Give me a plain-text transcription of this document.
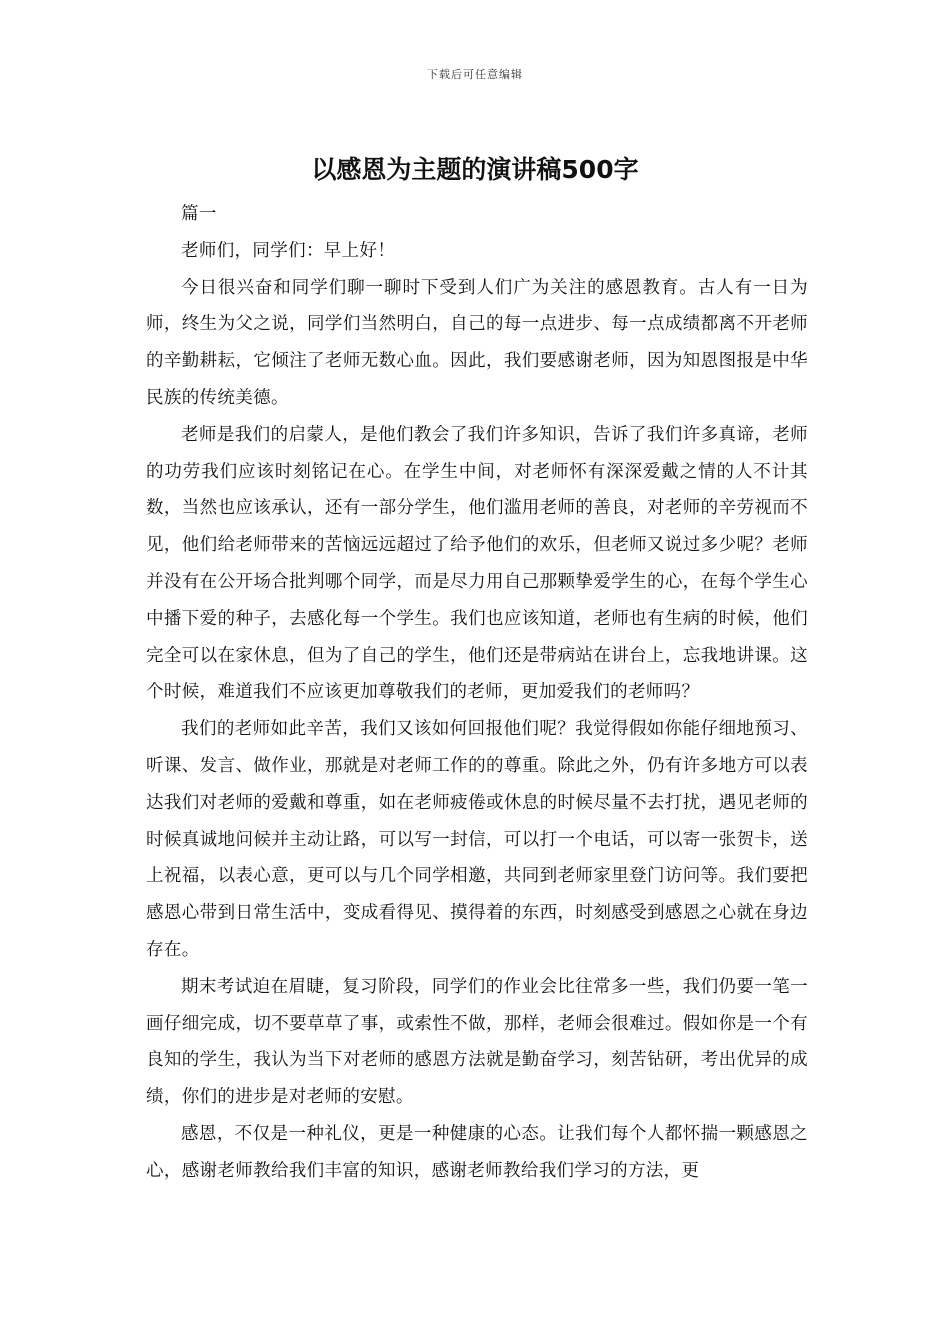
下载后可任意编辑
以感恩为主题的演讲稿500字

篇一

老师们，同学们：早上好！

今日很兴奋和同学们聊一聊时下受到人们广为关注的感恩教育。古人有一日为师，终生为父之说，同学们当然明白，自己的每一点进步、每一点成绩都离不开老师的辛勤耕耘，它倾注了老师无数心血。因此，我们要感谢老师，因为知恩图报是中华民族的传统美德。

老师是我们的启蒙人，是他们教会了我们许多知识，告诉了我们许多真谛，老师的功劳我们应该时刻铭记在心。在学生中间，对老师怀有深深爱戴之情的人不计其数，当然也应该承认，还有一部分学生，他们滥用老师的善良，对老师的辛劳视而不见，他们给老师带来的苦恼远远超过了给予他们的欢乐，但老师又说过多少呢？老师并没有在公开场合批判哪个同学，而是尽力用自己那颗挚爱学生的心，在每个学生心中播下爱的种子，去感化每一个学生。我们也应该知道，老师也有生病的时候，他们完全可以在家休息，但为了自己的学生，他们还是带病站在讲台上，忘我地讲课。这个时候，难道我们不应该更加尊敬我们的老师，更加爱我们的老师吗？

我们的老师如此辛苦，我们又该如何回报他们呢？我觉得假如你能仔细地预习、听课、发言、做作业，那就是对老师工作的的尊重。除此之外，仍有许多地方可以表达我们对老师的爱戴和尊重，如在老师疲倦或休息的时候尽量不去打扰，遇见老师的时候真诚地问候并主动让路，可以写一封信，可以打一个电话，可以寄一张贺卡，送上祝福，以表心意，更可以与几个同学相邀，共同到老师家里登门访问等。我们要把感恩心带到日常生活中，变成看得见、摸得着的东西，时刻感受到感恩之心就在身边存在。

期末考试迫在眉睫，复习阶段，同学们的作业会比往常多一些，我们仍要一笔一画仔细完成，切不要草草了事，或索性不做，那样，老师会很难过。假如你是一个有良知的学生，我认为当下对老师的感恩方法就是勤奋学习，刻苦钻研，考出优异的成绩，你们的进步是对老师的安慰。

感恩，不仅是一种礼仪，更是一种健康的心态。让我们每个人都怀揣一颗感恩之心，感谢老师教给我们丰富的知识，感谢老师教给我们学习的方法，更
